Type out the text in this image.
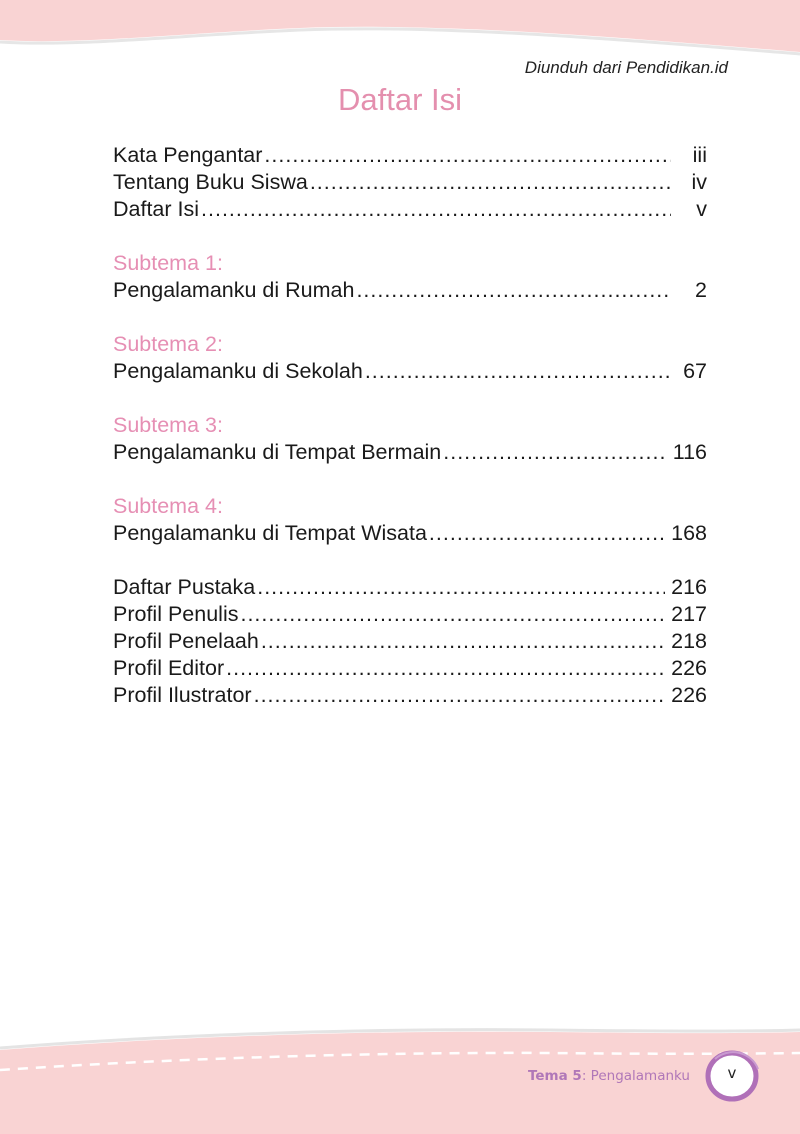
Diunduh dari Pendidikan.id
Daftar Isi
Kata Pengantar .....	iii
Tentang Buku Siswa .....	iv
Daftar Isi .....	v
Subtema 1:
Pengalamanku di Rumah .....	2
Subtema 2:
Pengalamanku di Sekolah .....	67
Subtema 3:
Pengalamanku di Tempat Bermain .....	116
Subtema 4:
Pengalamanku di Tempat Wisata .....	168
Daftar Pustaka .....	216
Profil Penulis .....	217
Profil Penelaah .....	218
Profil Editor .....	226
Profil Ilustrator .....	226
Tema 5: Pengalamanku	v
